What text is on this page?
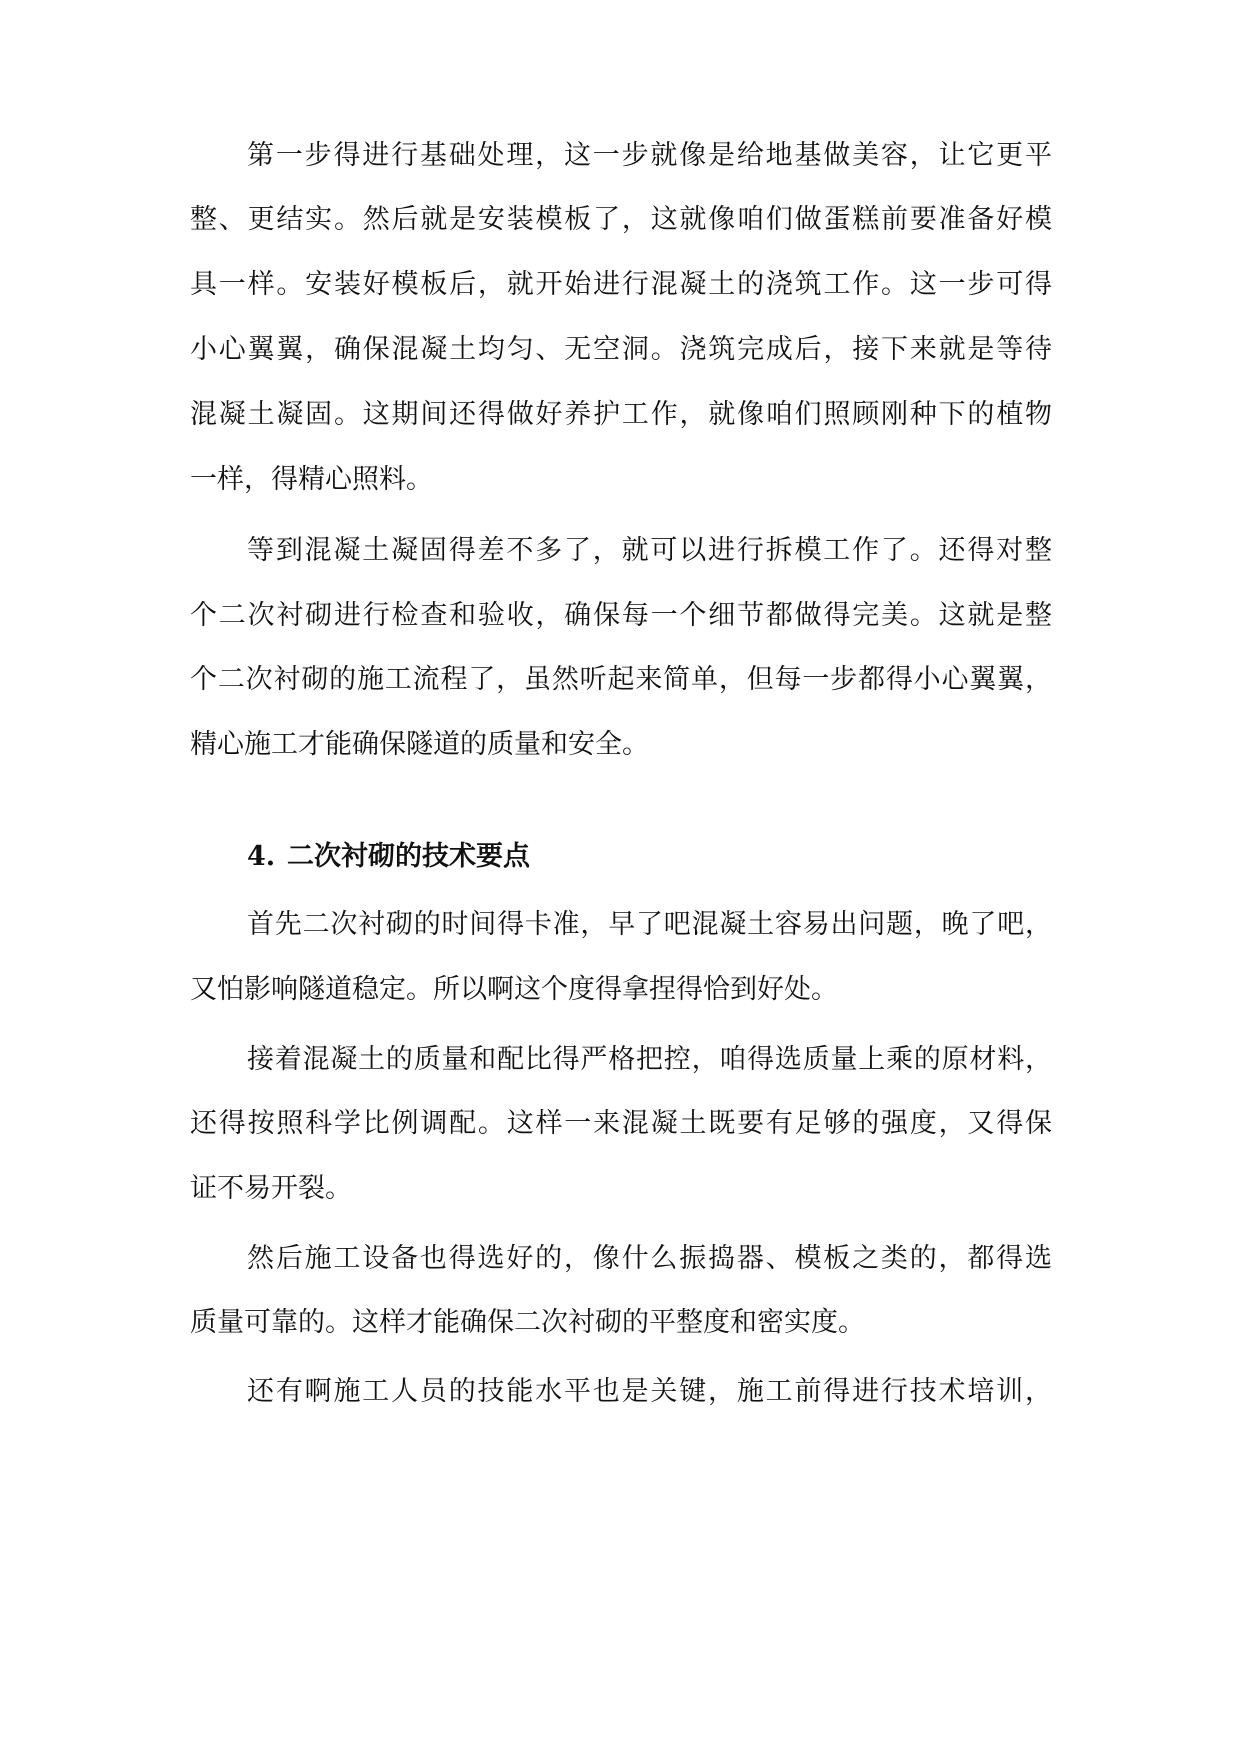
第一步得进行基础处理，这一步就像是给地基做美容，让它更平
整、更结实。然后就是安装模板了，这就像咱们做蛋糕前要准备好模
具一样。安装好模板后，就开始进行混凝土的浇筑工作。这一步可得
小心翼翼，确保混凝土均匀、无空洞。浇筑完成后，接下来就是等待
混凝土凝固。这期间还得做好养护工作，就像咱们照顾刚种下的植物
一样，得精心照料。
等到混凝土凝固得差不多了，就可以进行拆模工作了。还得对整
个二次衬砌进行检查和验收，确保每一个细节都做得完美。这就是整
个二次衬砌的施工流程了，虽然听起来简单，但每一步都得小心翼翼，
精心施工才能确保隧道的质量和安全。
4. 二次衬砌的技术要点
首先二次衬砌的时间得卡准，早了吧混凝土容易出问题，晚了吧，
又怕影响隧道稳定。所以啊这个度得拿捏得恰到好处。
接着混凝土的质量和配比得严格把控，咱得选质量上乘的原材料，
还得按照科学比例调配。这样一来混凝土既要有足够的强度，又得保
证不易开裂。
然后施工设备也得选好的，像什么振捣器、模板之类的，都得选
质量可靠的。这样才能确保二次衬砌的平整度和密实度。
还有啊施工人员的技能水平也是关键，施工前得进行技术培训，
